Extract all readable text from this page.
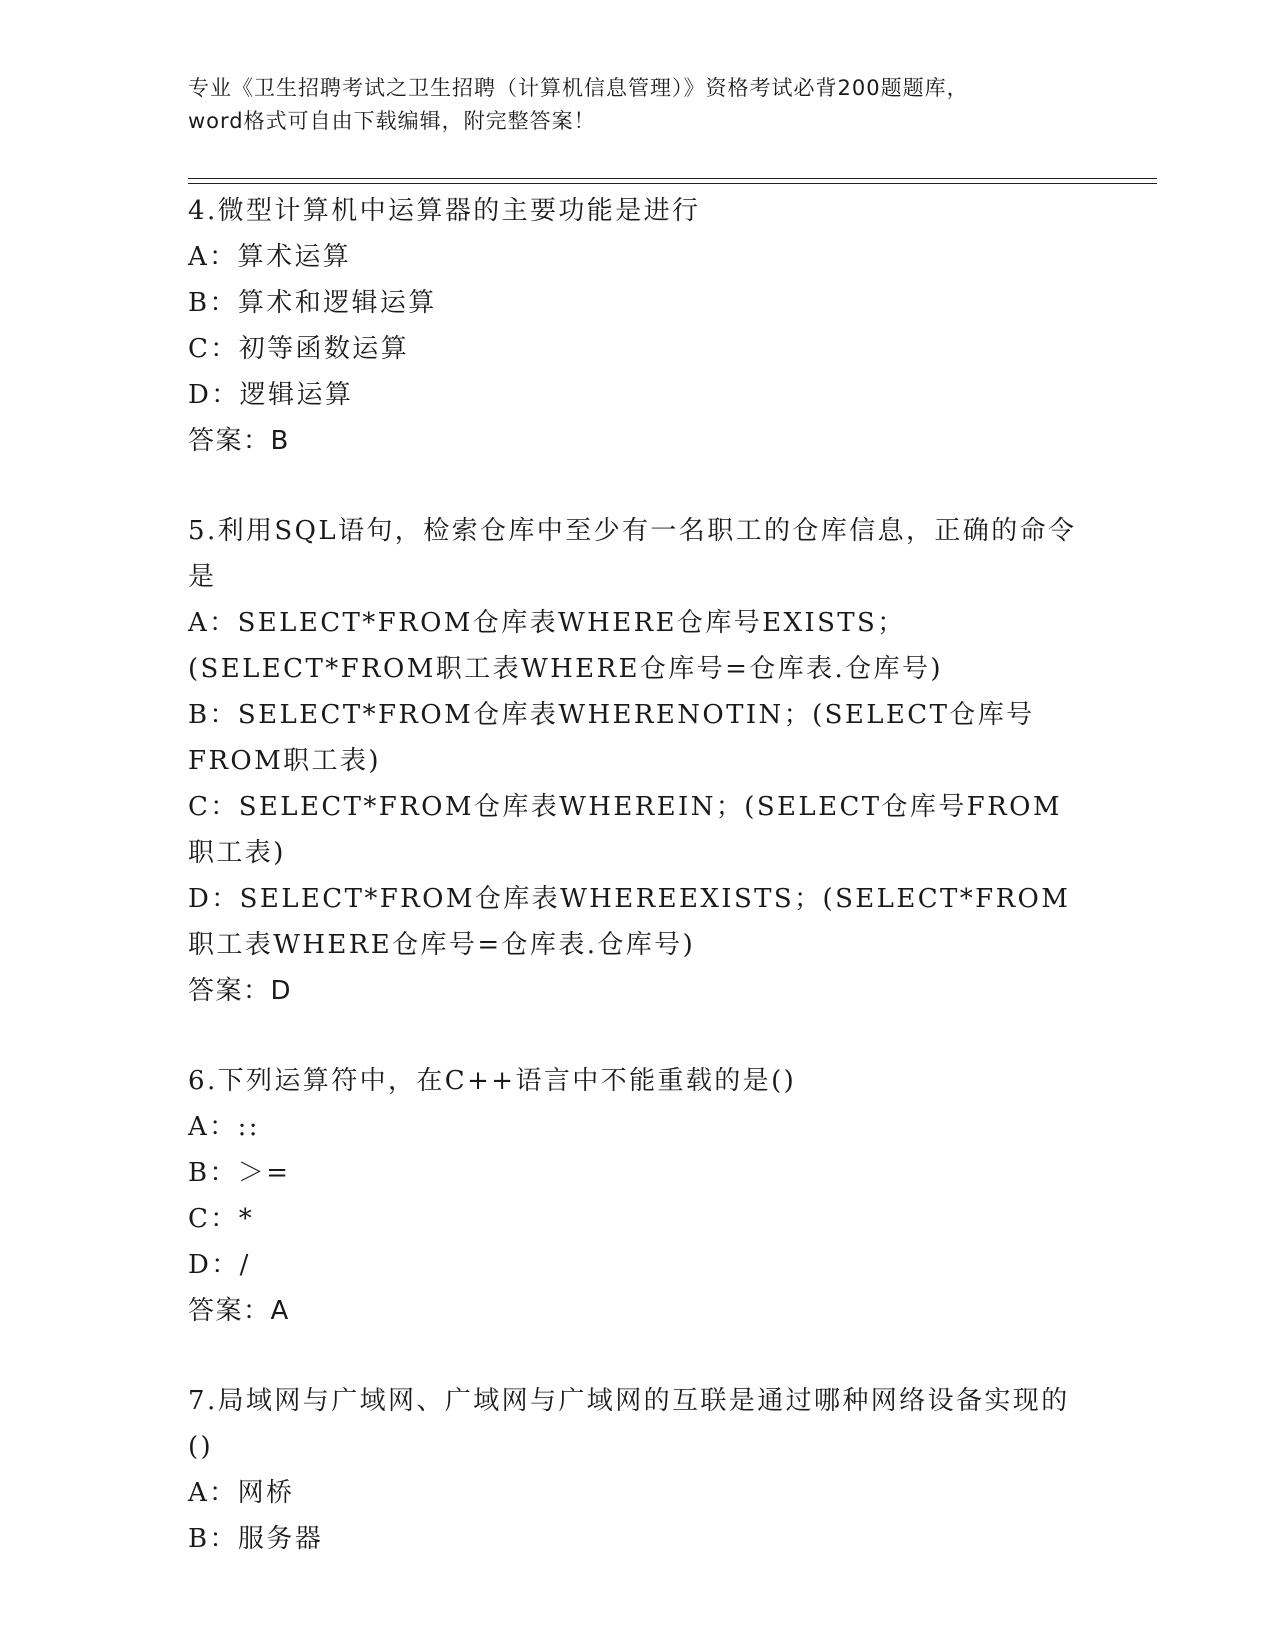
专业《卫生招聘考试之卫生招聘（计算机信息管理）》资格考试必背200题题库，
word格式可自由下载编辑，附完整答案！
4.微型计算机中运算器的主要功能是进行
A：算术运算
B：算术和逻辑运算
C：初等函数运算
D：逻辑运算
答案：B
5.利用SQL语句，检索仓库中至少有一名职工的仓库信息，正确的命令是
A：SELECT*FROM仓库表WHERE仓库号EXISTS；(SELECT*FROM职工表WHERE仓库号=仓库表.仓库号)
B：SELECT*FROM仓库表WHERENOTIN；(SELECT仓库号FROM职工表)
C：SELECT*FROM仓库表WHEREIN；(SELECT仓库号FROM职工表)
D：SELECT*FROM仓库表WHEREEXISTS；(SELECT*FROM职工表WHERE仓库号=仓库表.仓库号)
答案：D
6.下列运算符中，在C++语言中不能重载的是()
A：::
B：＞=
C：*
D：/
答案：A
7.局域网与广域网、广域网与广域网的互联是通过哪种网络设备实现的()
A：网桥
B：服务器
